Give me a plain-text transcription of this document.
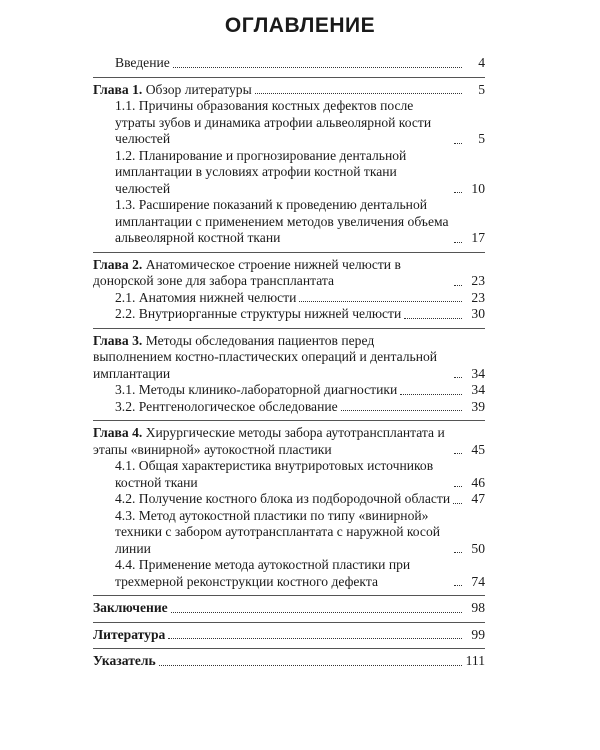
ОГЛАВЛЕНИЕ
Введение	4
Глава 1. Обзор литературы	5
1.1. Причины образования костных дефектов после утраты зубов и динамика атрофии альвеолярной кости челюстей	5
1.2. Планирование и прогнозирование дентальной имплантации в условиях атрофии костной ткани челюстей	10
1.3. Расширение показаний к проведению дентальной имплантации с применением методов увеличения объема альвеолярной костной ткани	17
Глава 2. Анатомическое строение нижней челюсти в донорской зоне для забора трансплантата	23
2.1. Анатомия нижней челюсти	23
2.2. Внутриорганные структуры нижней челюсти	30
Глава 3. Методы обследования пациентов перед выполнением костно-пластических операций и дентальной имплантации	34
3.1. Методы клинико-лабораторной диагностики	34
3.2. Рентгенологическое обследование	39
Глава 4. Хирургические методы забора аутотрансплантата и этапы «винирной» аутокостной пластики	45
4.1. Общая характеристика внутриротовых источников костной ткани	46
4.2. Получение костного блока из подбородочной области	47
4.3. Метод аутокостной пластики по типу «винирной» техники с забором аутотрансплантата с наружной косой линии	50
4.4. Применение метода аутокостной пластики при трехмерной реконструкции костного дефекта	74
Заключение	98
Литература	99
Указатель	111
